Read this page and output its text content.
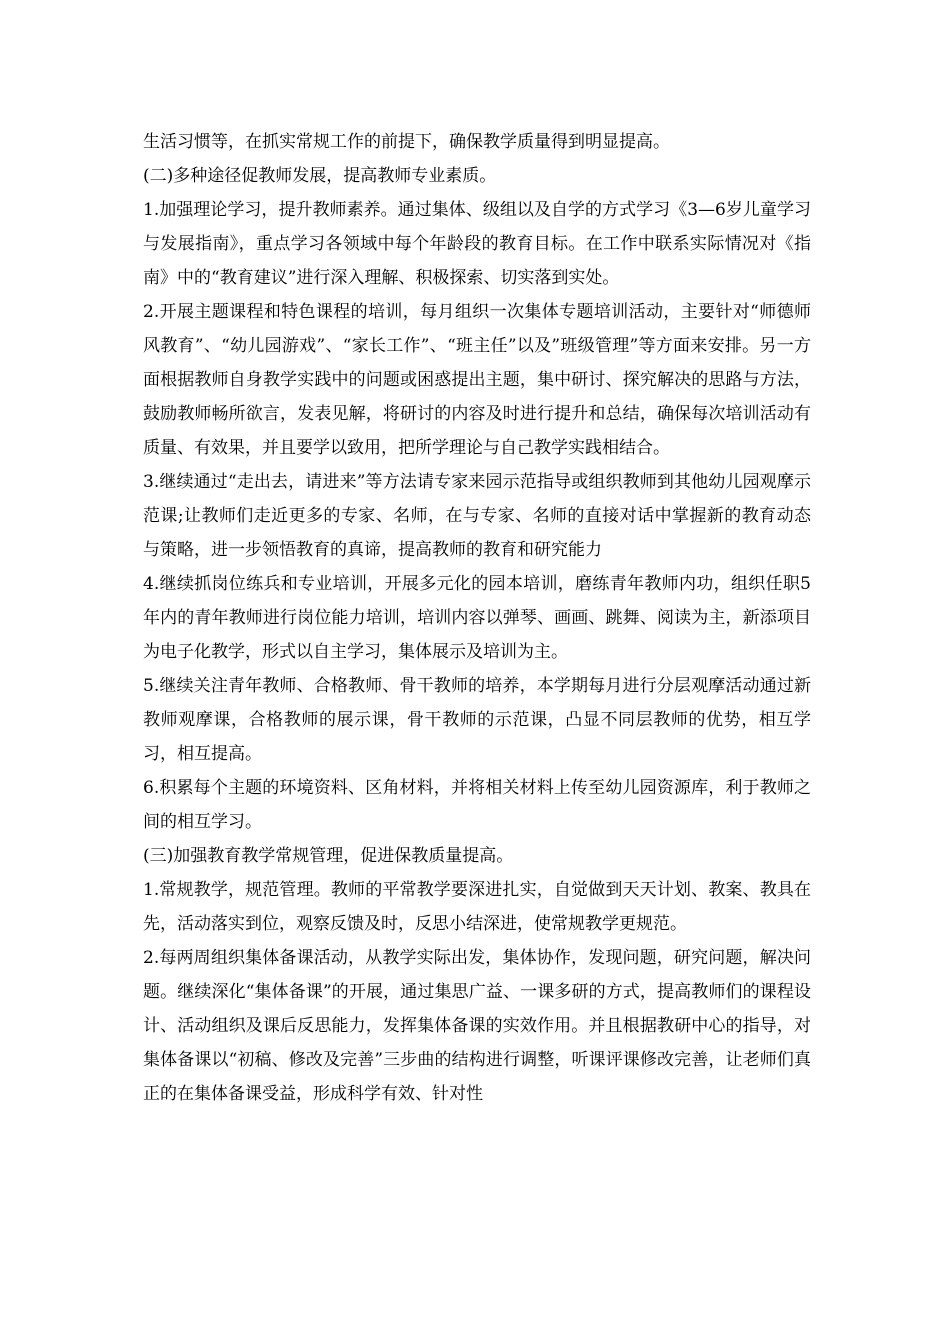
生活习惯等，在抓实常规工作的前提下，确保教学质量得到明显提高。

(二)多种途径促教师发展，提高教师专业素质。

1.加强理论学习，提升教师素养。通过集体、级组以及自学的方式学习《3—6岁儿童学习与发展指南》，重点学习各领域中每个年龄段的教育目标。在工作中联系实际情况对《指南》中的“教育建议”进行深入理解、积极探索、切实落到实处。

2.开展主题课程和特色课程的培训，每月组织一次集体专题培训活动，主要针对“师德师风教育”、“幼儿园游戏”、“家长工作”、“班主任”以及”班级管理”等方面来安排。另一方面根据教师自身教学实践中的问题或困惑提出主题，集中研讨、探究解决的思路与方法，鼓励教师畅所欲言，发表见解，将研讨的内容及时进行提升和总结，确保每次培训活动有质量、有效果，并且要学以致用，把所学理论与自己教学实践相结合。

3.继续通过“走出去，请进来”等方法请专家来园示范指导或组织教师到其他幼儿园观摩示范课;让教师们走近更多的专家、名师，在与专家、名师的直接对话中掌握新的教育动态与策略，进一步领悟教育的真谛，提高教师的教育和研究能力

4.继续抓岗位练兵和专业培训，开展多元化的园本培训，磨练青年教师内功，组织任职5年内的青年教师进行岗位能力培训，培训内容以弹琴、画画、跳舞、阅读为主，新添项目为电子化教学，形式以自主学习，集体展示及培训为主。

5.继续关注青年教师、合格教师、骨干教师的培养，本学期每月进行分层观摩活动通过新教师观摩课，合格教师的展示课，骨干教师的示范课，凸显不同层教师的优势，相互学习，相互提高。

6.积累每个主题的环境资料、区角材料，并将相关材料上传至幼儿园资源库，利于教师之间的相互学习。

(三)加强教育教学常规管理，促进保教质量提高。

1.常规教学，规范管理。教师的平常教学要深进扎实，自觉做到天天计划、教案、教具在先，活动落实到位，观察反馈及时，反思小结深进，使常规教学更规范。

2.每两周组织集体备课活动，从教学实际出发，集体协作，发现问题，研究问题，解决问题。继续深化“集体备课”的开展，通过集思广益、一课多研的方式，提高教师们的课程设计、活动组织及课后反思能力，发挥集体备课的实效作用。并且根据教研中心的指导，对集体备课以“初稿、修改及完善”三步曲的结构进行调整，听课评课修改完善，让老师们真正的在集体备课受益，形成科学有效、针对性
